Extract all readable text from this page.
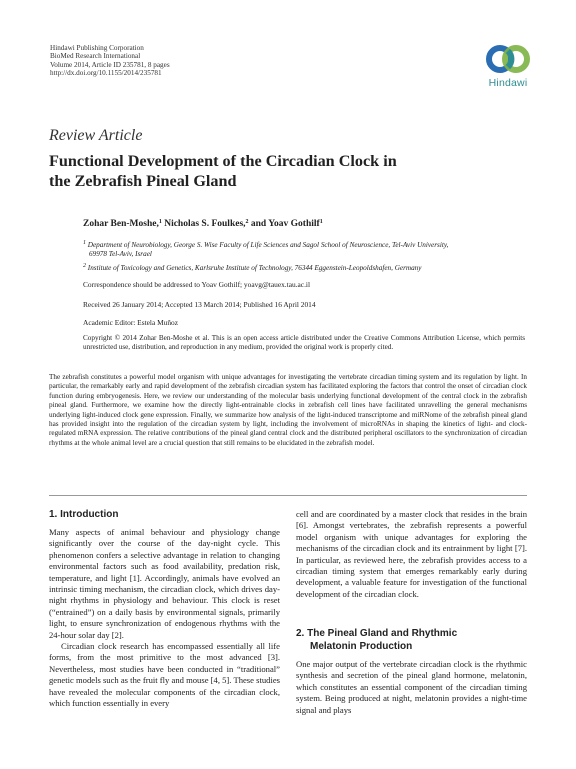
Hindawi Publishing Corporation
BioMed Research International
Volume 2014, Article ID 235781, 8 pages
http://dx.doi.org/10.1155/2014/235781
Hindawi
Review Article
Functional Development of the Circadian Clock in
the Zebrafish Pineal Gland
Zohar Ben-Moshe,$^1$ Nicholas S. Foulkes,$^2$ and Yoav Gothilf$^1$
$^1$ Department of Neurobiology, George S. Wise Faculty of Life Sciences and Sagol School of Neuroscience, Tel-Aviv University,
69978 Tel-Aviv, Israel
$^2$ Institute of Toxicology and Genetics, Karlsruhe Institute of Technology, 76344 Eggenstein-Leopoldshafen, Germany
Correspondence should be addressed to Yoav Gothilf; yoavg@tauex.tau.ac.il
Received 26 January 2014; Accepted 13 March 2014; Published 16 April 2014
Academic Editor: Estela Muñoz
Copyright © 2014 Zohar Ben-Moshe et al. This is an open access article distributed under the Creative Commons Attribution License, which permits unrestricted use, distribution, and reproduction in any medium, provided the original work is properly cited.
The zebrafish constitutes a powerful model organism with unique advantages for investigating the vertebrate circadian timing system and its regulation by light. In particular, the remarkably early and rapid development of the zebrafish circadian system has facilitated exploring the factors that control the onset of circadian clock function during embryogenesis. Here, we review our understanding of the molecular basis underlying functional development of the central clock in the zebrafish pineal gland. Furthermore, we examine how the directly light-entrainable clocks in zebrafish cell lines have facilitated unravelling the general mechanisms underlying light-induced clock gene expression. Finally, we summarize how analysis of the light-induced transcriptome and miRNome of the zebrafish pineal gland has provided insight into the regulation of the circadian system by light, including the involvement of microRNAs in shaping the kinetics of light- and clock-regulated mRNA expression. The relative contributions of the pineal gland central clock and the distributed peripheral oscillators to the synchronization of circadian rhythms at the whole animal level are a crucial question that still remains to be elucidated in the zebrafish model.
1. Introduction

Many aspects of animal behaviour and physiology change significantly over the course of the day-night cycle. This phenomenon confers a selective advantage in relation to changing environmental factors such as food availability, predation risk, temperature, and light [1]. Accordingly, animals have evolved an intrinsic timing mechanism, the circadian clock, which drives day-night rhythms in physiology and behaviour. This clock is reset (“entrained”) on a daily basis by environmental signals, primarily light, to ensure synchronization of endogenous rhythms with the 24-hour solar day [2].

Circadian clock research has encompassed essentially all life forms, from the most primitive to the most advanced [3]. Nevertheless, most studies have been conducted in “traditional” genetic models such as the fruit fly and mouse [4, 5]. These studies have revealed the molecular components of the circadian clock, which function essentially in every

cell and are coordinated by a master clock that resides in the brain [6]. Amongst vertebrates, the zebrafish represents a powerful model organism with unique advantages for exploring the mechanisms of the circadian clock and its entrainment by light [7]. In particular, as reviewed here, the zebrafish provides access to a circadian timing system that emerges remarkably early during development, a valuable feature for investigation of the functional development of the circadian clock.

2. The Pineal Gland and Rhythmic
Melatonin Production

One major output of the vertebrate circadian clock is the rhythmic synthesis and secretion of the pineal gland hormone, melatonin, which constitutes an essential component of the circadian timing system. Being produced at night, melatonin provides a night-time signal and plays
